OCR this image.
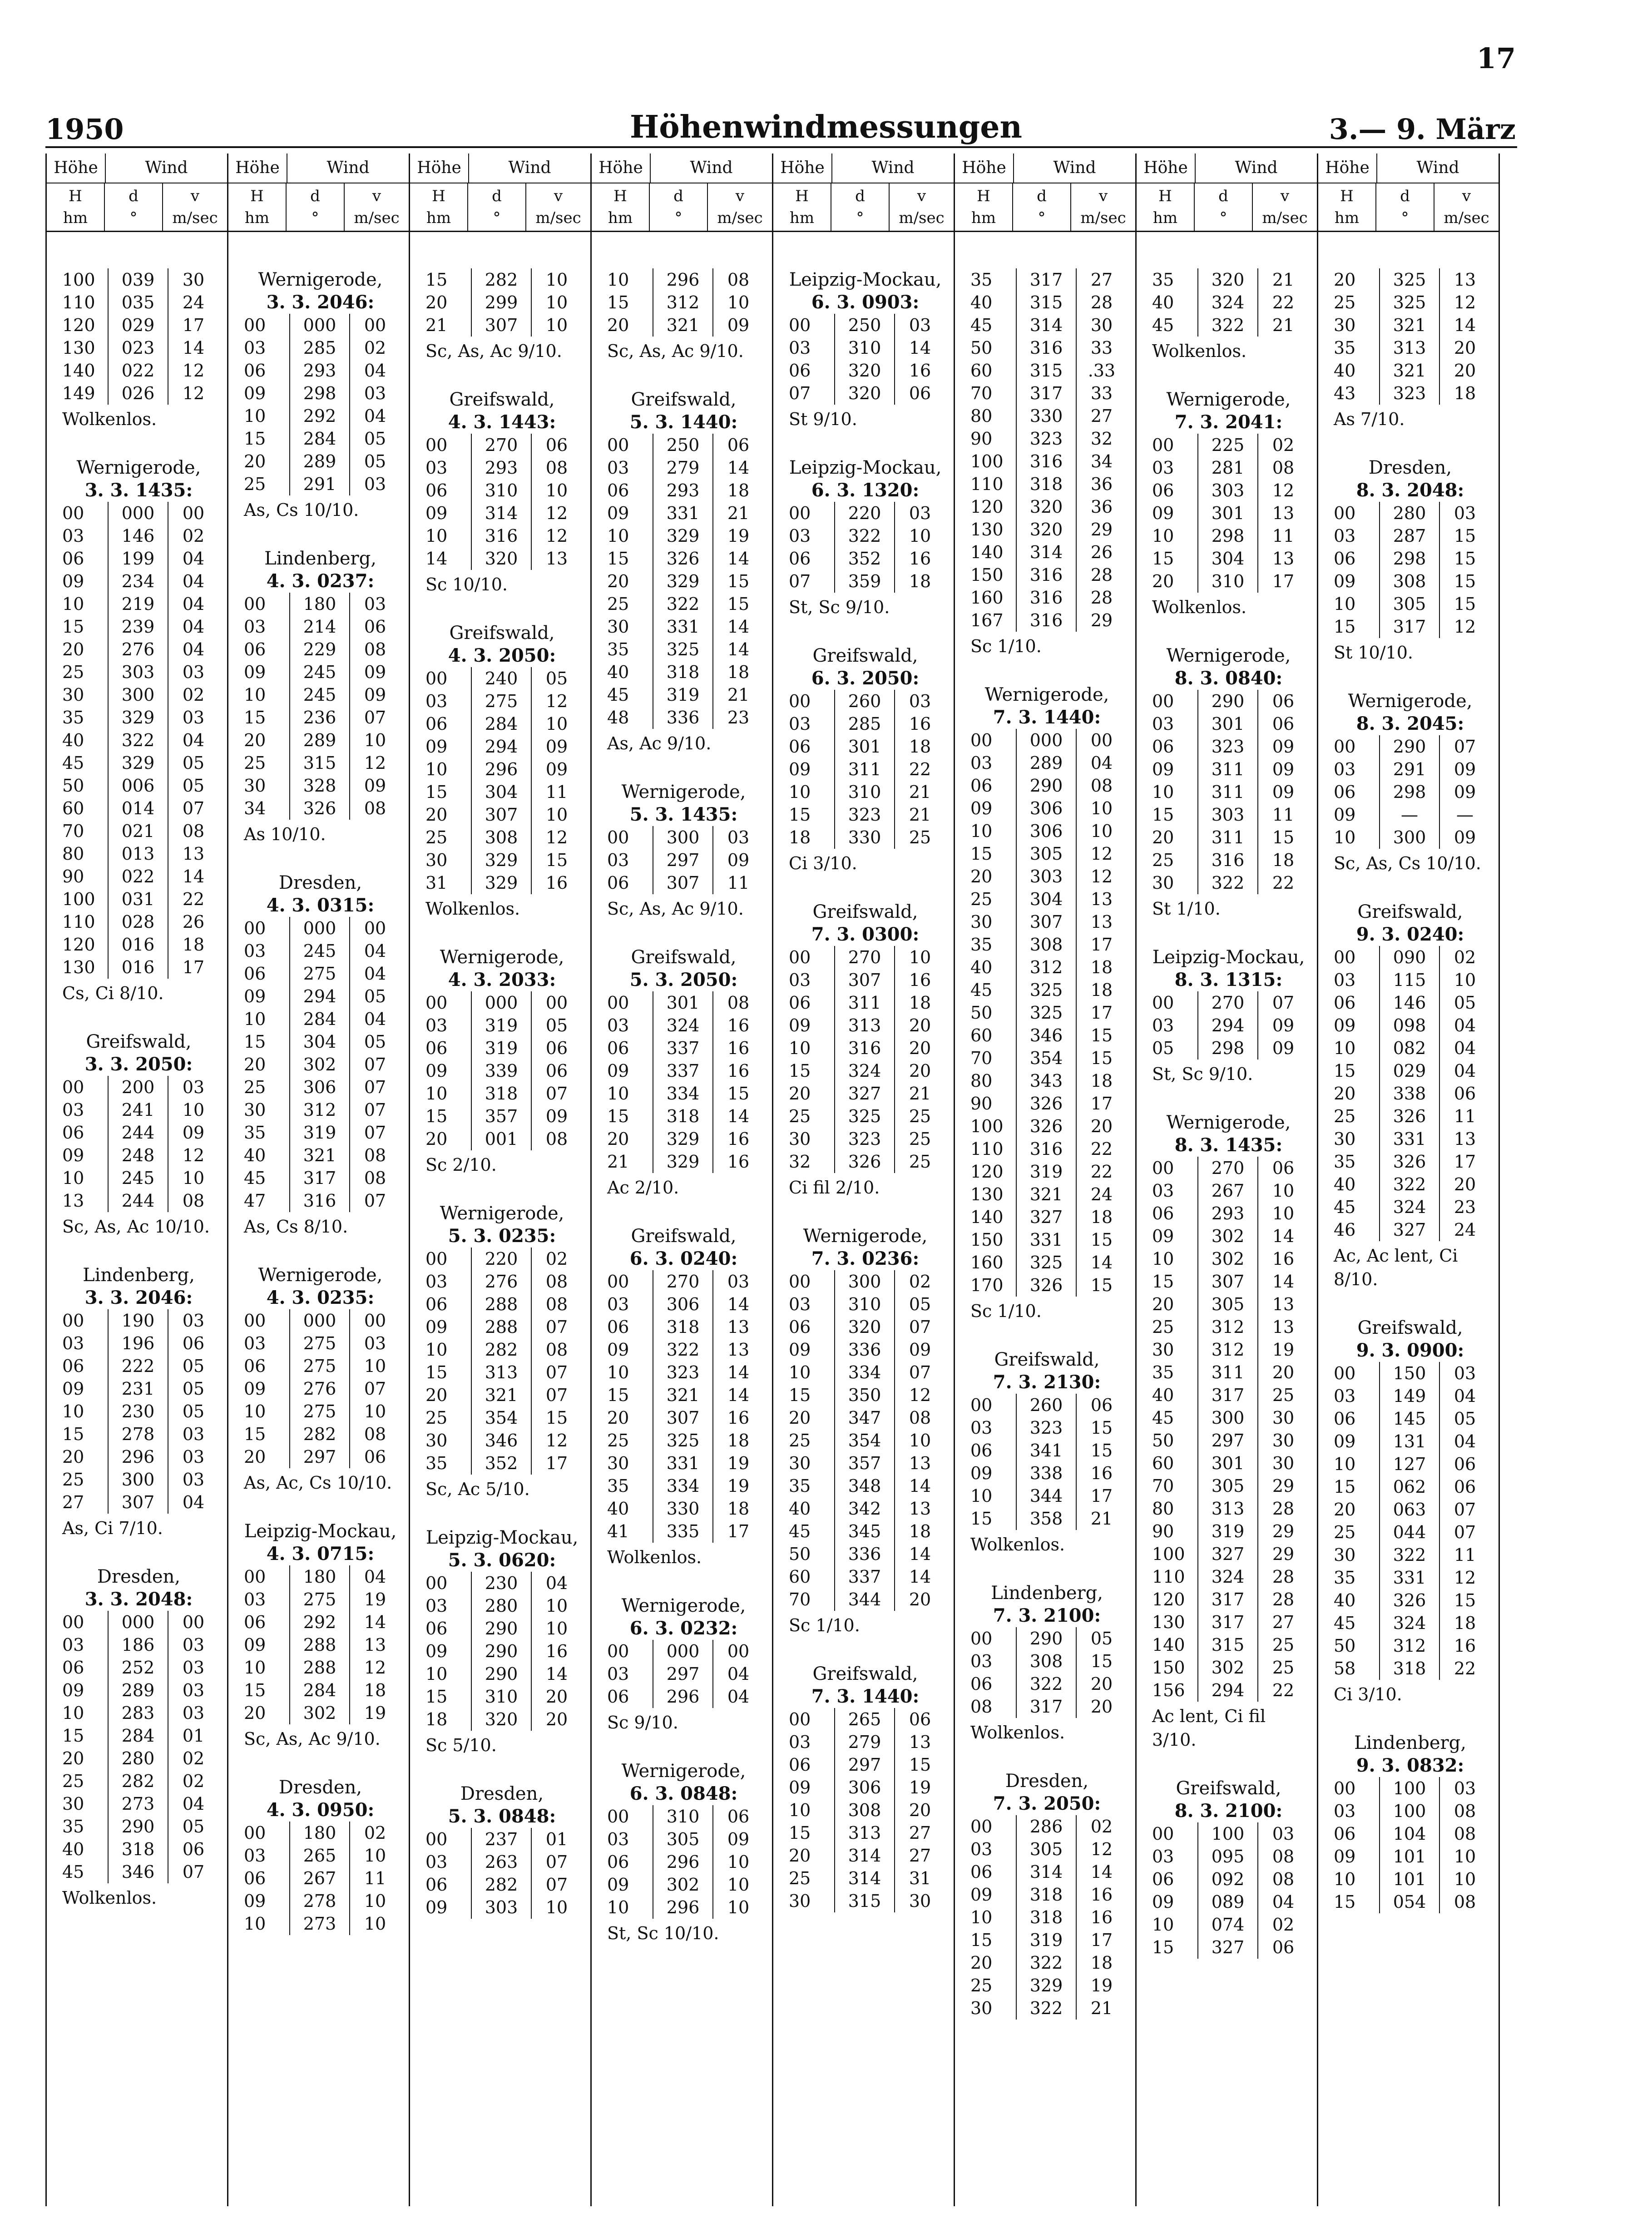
17
1950	Höhenwindmessungen	3.— 9. März
Höhe	Wind
H
hm
d
°
v
m/sec
100	039	30
110	035	24
120	029	17
130	023	14
140	022	12
149	026	12
Wolkenlos.
Wernigerode,
3. 3. 1435:
00	000	00
03	146	02
06	199	04
09	234	04
10	219	04
15	239	04
20	276	04
25	303	03
30	300	02
35	329	03
40	322	04
45	329	05
50	006	05
60	014	07
70	021	08
80	013	13
90	022	14
100	031	22
110	028	26
120	016	18
130	016	17
Cs, Ci 8/10.
Greifswald,
3. 3. 2050:
00	200	03
03	241	10
06	244	09
09	248	12
10	245	10
13	244	08
Sc, As, Ac 10/10.
Lindenberg,
3. 3. 2046:
00	190	03
03	196	06
06	222	05
09	231	05
10	230	05
15	278	03
20	296	03
25	300	03
27	307	04
As, Ci 7/10.
Dresden,
3. 3. 2048:
00	000	00
03	186	03
06	252	03
09	289	03
10	283	03
15	284	01
20	280	02
25	282	02
30	273	04
35	290	05
40	318	06
45	346	07
Wolkenlos.
Höhe	Wind
H
hm
d
°
v
m/sec
Wernigerode,
3. 3. 2046:
00	000	00
03	285	02
06	293	04
09	298	03
10	292	04
15	284	05
20	289	05
25	291	03
As, Cs 10/10.
Lindenberg,
4. 3. 0237:
00	180	03
03	214	06
06	229	08
09	245	09
10	245	09
15	236	07
20	289	10
25	315	12
30	328	09
34	326	08
As 10/10.
Dresden,
4. 3. 0315:
00	000	00
03	245	04
06	275	04
09	294	05
10	284	04
15	304	05
20	302	07
25	306	07
30	312	07
35	319	07
40	321	08
45	317	08
47	316	07
As, Cs 8/10.
Wernigerode,
4. 3. 0235:
00	000	00
03	275	03
06	275	10
09	276	07
10	275	10
15	282	08
20	297	06
As, Ac, Cs 10/10.
Leipzig-Mockau,
4. 3. 0715:
00	180	04
03	275	19
06	292	14
09	288	13
10	288	12
15	284	18
20	302	19
Sc, As, Ac 9/10.
Dresden,
4. 3. 0950:
00	180	02
03	265	10
06	267	11
09	278	10
10	273	10
Höhe	Wind
H
hm
d
°
v
m/sec
15	282	10
20	299	10
21	307	10
Sc, As, Ac 9/10.
Greifswald,
4. 3. 1443:
00	270	06
03	293	08
06	310	10
09	314	12
10	316	12
14	320	13
Sc 10/10.
Greifswald,
4. 3. 2050:
00	240	05
03	275	12
06	284	10
09	294	09
10	296	09
15	304	11
20	307	10
25	308	12
30	329	15
31	329	16
Wolkenlos.
Wernigerode,
4. 3. 2033:
00	000	00
03	319	05
06	319	06
09	339	06
10	318	07
15	357	09
20	001	08
Sc 2/10.
Wernigerode,
5. 3. 0235:
00	220	02
03	276	08
06	288	08
09	288	07
10	282	08
15	313	07
20	321	07
25	354	15
30	346	12
35	352	17
Sc, Ac 5/10.
Leipzig-Mockau,
5. 3. 0620:
00	230	04
03	280	10
06	290	10
09	290	16
10	290	14
15	310	20
18	320	20
Sc 5/10.
Dresden,
5. 3. 0848:
00	237	01
03	263	07
06	282	07
09	303	10
Höhe	Wind
H
hm
d
°
v
m/sec
10	296	08
15	312	10
20	321	09
Sc, As, Ac 9/10.
Greifswald,
5. 3. 1440:
00	250	06
03	279	14
06	293	18
09	331	21
10	329	19
15	326	14
20	329	15
25	322	15
30	331	14
35	325	14
40	318	18
45	319	21
48	336	23
As, Ac 9/10.
Wernigerode,
5. 3. 1435:
00	300	03
03	297	09
06	307	11
Sc, As, Ac 9/10.
Greifswald,
5. 3. 2050:
00	301	08
03	324	16
06	337	16
09	337	16
10	334	15
15	318	14
20	329	16
21	329	16
Ac 2/10.
Greifswald,
6. 3. 0240:
00	270	03
03	306	14
06	318	13
09	322	13
10	323	14
15	321	14
20	307	16
25	325	18
30	331	19
35	334	19
40	330	18
41	335	17
Wolkenlos.
Wernigerode,
6. 3. 0232:
00	000	00
03	297	04
06	296	04
Sc 9/10.
Wernigerode,
6. 3. 0848:
00	310	06
03	305	09
06	296	10
09	302	10
10	296	10
St, Sc 10/10.
Höhe	Wind
H
hm
d
°
v
m/sec
Leipzig-Mockau,
6. 3. 0903:
00	250	03
03	310	14
06	320	16
07	320	06
St 9/10.
Leipzig-Mockau,
6. 3. 1320:
00	220	03
03	322	10
06	352	16
07	359	18
St, Sc 9/10.
Greifswald,
6. 3. 2050:
00	260	03
03	285	16
06	301	18
09	311	22
10	310	21
15	323	21
18	330	25
Ci 3/10.
Greifswald,
7. 3. 0300:
00	270	10
03	307	16
06	311	18
09	313	20
10	316	20
15	324	20
20	327	21
25	325	25
30	323	25
32	326	25
Ci fil 2/10.
Wernigerode,
7. 3. 0236:
00	300	02
03	310	05
06	320	07
09	336	09
10	334	07
15	350	12
20	347	08
25	354	10
30	357	13
35	348	14
40	342	13
45	345	18
50	336	14
60	337	14
70	344	20
Sc 1/10.
Greifswald,
7. 3. 1440:
00	265	06
03	279	13
06	297	15
09	306	19
10	308	20
15	313	27
20	314	27
25	314	31
30	315	30
Höhe	Wind
H
hm
d
°
v
m/sec
35	317	27
40	315	28
45	314	30
50	316	33
60	315	.33
70	317	33
80	330	27
90	323	32
100	316	34
110	318	36
120	320	36
130	320	29
140	314	26
150	316	28
160	316	28
167	316	29
Sc 1/10.
Wernigerode,
7. 3. 1440:
00	000	00
03	289	04
06	290	08
09	306	10
10	306	10
15	305	12
20	303	12
25	304	13
30	307	13
35	308	17
40	312	18
45	325	18
50	325	17
60	346	15
70	354	15
80	343	18
90	326	17
100	326	20
110	316	22
120	319	22
130	321	24
140	327	18
150	331	15
160	325	14
170	326	15
Sc 1/10.
Greifswald,
7. 3. 2130:
00	260	06
03	323	15
06	341	15
09	338	16
10	344	17
15	358	21
Wolkenlos.
Lindenberg,
7. 3. 2100:
00	290	05
03	308	15
06	322	20
08	317	20
Wolkenlos.
Dresden,
7. 3. 2050:
00	286	02
03	305	12
06	314	14
09	318	16
10	318	16
15	319	17
20	322	18
25	329	19
30	322	21
Höhe	Wind
H
hm
d
°
v
m/sec
35	320	21
40	324	22
45	322	21
Wolkenlos.
Wernigerode,
7. 3. 2041:
00	225	02
03	281	08
06	303	12
09	301	13
10	298	11
15	304	13
20	310	17
Wolkenlos.
Wernigerode,
8. 3. 0840:
00	290	06
03	301	06
06	323	09
09	311	09
10	311	09
15	303	11
20	311	15
25	316	18
30	322	22
St 1/10.
Leipzig-Mockau,
8. 3. 1315:
00	270	07
03	294	09
05	298	09
St, Sc 9/10.
Wernigerode,
8. 3. 1435:
00	270	06
03	267	10
06	293	10
09	302	14
10	302	16
15	307	14
20	305	13
25	312	13
30	312	19
35	311	20
40	317	25
45	300	30
50	297	30
60	301	30
70	305	29
80	313	28
90	319	29
100	327	29
110	324	28
120	317	28
130	317	27
140	315	25
150	302	25
156	294	22
Ac lent, Ci fil 3/10.
Greifswald,
8. 3. 2100:
00	100	03
03	095	08
06	092	08
09	089	04
10	074	02
15	327	06
Höhe	Wind
H
hm
d
°
v
m/sec
20	325	13
25	325	12
30	321	14
35	313	20
40	321	20
43	323	18
As 7/10.
Dresden,
8. 3. 2048:
00	280	03
03	287	15
06	298	15
09	308	15
10	305	15
15	317	12
St 10/10.
Wernigerode,
8. 3. 2045:
00	290	07
03	291	09
06	298	09
09	—	—
10	300	09
Sc, As, Cs 10/10.
Greifswald,
9. 3. 0240:
00	090	02
03	115	10
06	146	05
09	098	04
10	082	04
15	029	04
20	338	06
25	326	11
30	331	13
35	326	17
40	322	20
45	324	23
46	327	24
Ac, Ac lent, Ci 8/10.
Greifswald,
9. 3. 0900:
00	150	03
03	149	04
06	145	05
09	131	04
10	127	06
15	062	06
20	063	07
25	044	07
30	322	11
35	331	12
40	326	15
45	324	18
50	312	16
58	318	22
Ci 3/10.
Lindenberg,
9. 3. 0832:
00	100	03
03	100	08
06	104	08
09	101	10
10	101	10
15	054	08
